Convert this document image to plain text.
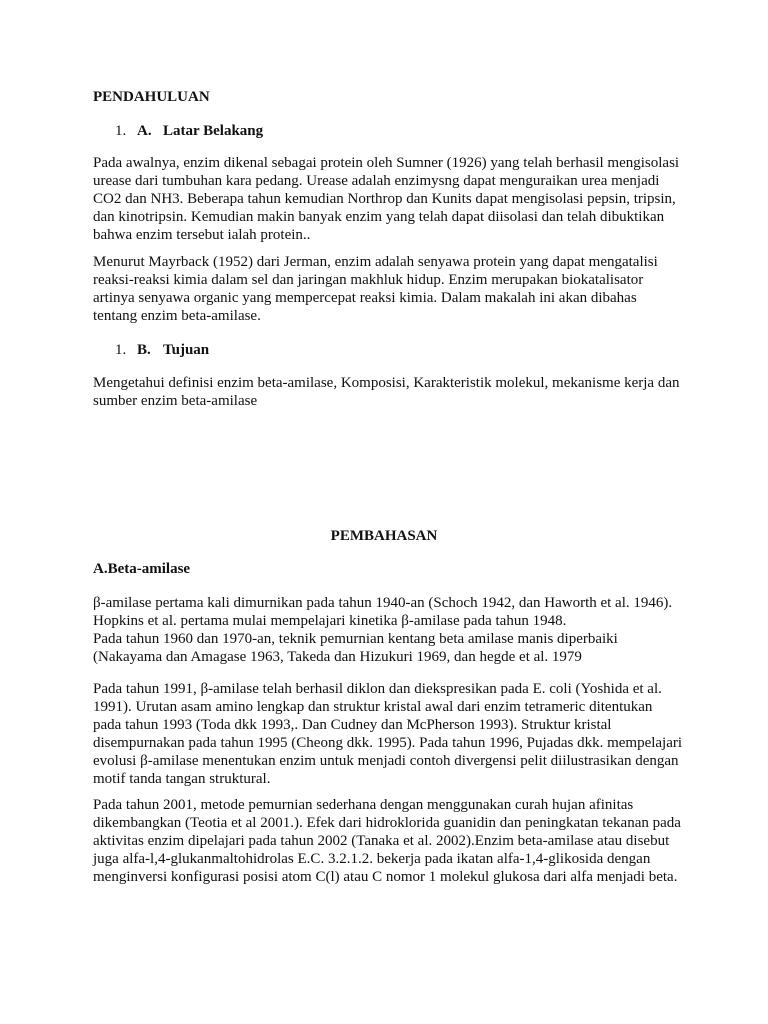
PENDAHULUAN
1. A. Latar Belakang

Pada awalnya, enzim dikenal sebagai protein oleh Sumner (1926) yang telah berhasil mengisolasi urease dari tumbuhan kara pedang. Urease adalah enzimysng dapat menguraikan urea menjadi CO2 dan NH3. Beberapa tahun kemudian Northrop dan Kunits dapat mengisolasi pepsin, tripsin, dan kinotripsin. Kemudian makin banyak enzim yang telah dapat diisolasi dan telah dibuktikan bahwa enzim tersebut ialah protein..

Menurut Mayrback (1952) dari Jerman, enzim adalah senyawa protein yang dapat mengatalisi reaksi-reaksi kimia dalam sel dan jaringan makhluk hidup. Enzim merupakan biokatalisator artinya senyawa organic yang mempercepat reaksi kimia. Dalam makalah ini akan dibahas tentang enzim beta-amilase.

1. B. Tujuan

Mengetahui definisi enzim beta-amilase, Komposisi, Karakteristik molekul, mekanisme kerja dan sumber enzim beta-amilase

PEMBAHASAN
A.Beta-amilase

β-amilase pertama kali dimurnikan pada tahun 1940-an (Schoch 1942, dan Haworth et al. 1946). Hopkins et al. pertama mulai mempelajari kinetika β-amilase pada tahun 1948.

Pada tahun 1960 dan 1970-an, teknik pemurnian kentang beta amilase manis diperbaiki (Nakayama dan Amagase 1963, Takeda dan Hizukuri 1969, dan hegde et al. 1979

Pada tahun 1991, β-amilase telah berhasil diklon dan diekspresikan pada E. coli (Yoshida et al. 1991). Urutan asam amino lengkap dan struktur kristal awal dari enzim tetrameric ditentukan pada tahun 1993 (Toda dkk 1993,. Dan Cudney dan McPherson 1993). Struktur kristal disempurnakan pada tahun 1995 (Cheong dkk. 1995). Pada tahun 1996, Pujadas dkk. mempelajari evolusi β-amilase menentukan enzim untuk menjadi contoh divergensi pelit diilustrasikan dengan motif tanda tangan struktural.

Pada tahun 2001, metode pemurnian sederhana dengan menggunakan curah hujan afinitas dikembangkan (Teotia et al 2001.). Efek dari hidroklorida guanidin dan peningkatan tekanan pada aktivitas enzim dipelajari pada tahun 2002 (Tanaka et al. 2002).Enzim beta-amilase atau disebut juga alfa-l,4-glukanmaltohidrolas E.C. 3.2.1.2. bekerja pada ikatan alfa-1,4-glikosida dengan menginversi konfigurasi posisi atom C(l) atau C nomor 1 molekul glukosa dari alfa menjadi beta.
